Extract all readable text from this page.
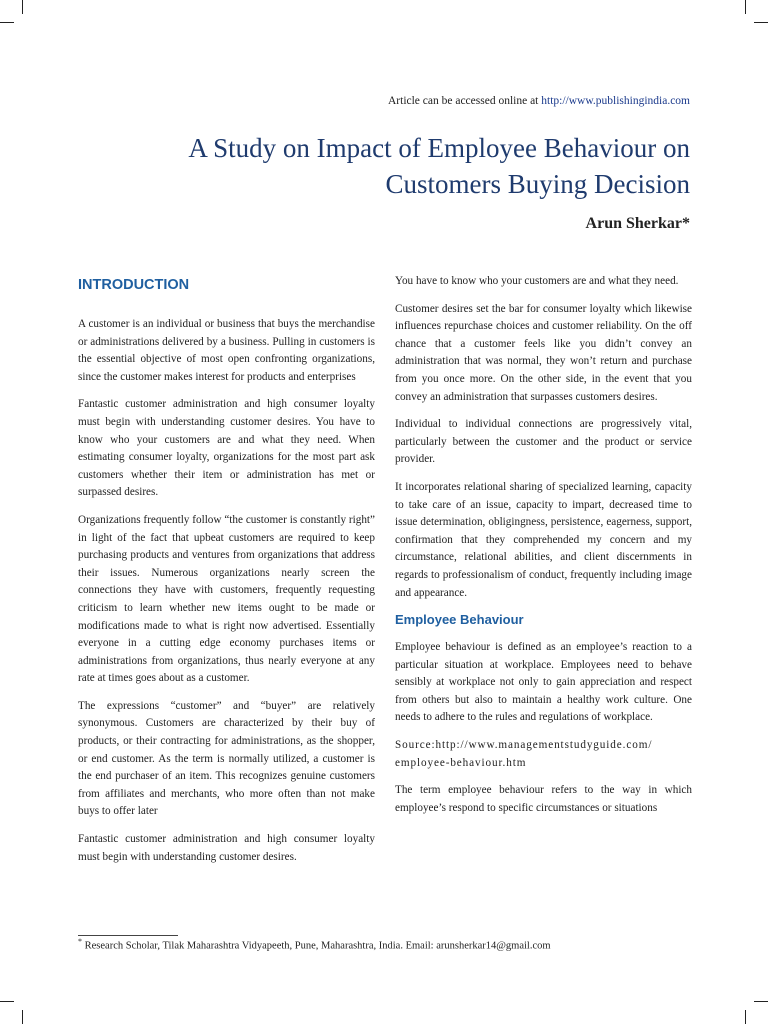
Article can be accessed online at http://www.publishingindia.com
A Study on Impact of Employee Behaviour on Customers Buying Decision
Arun Sherkar*
INTRODUCTION

A customer is an individual or business that buys the merchandise or administrations delivered by a business. Pulling in customers is the essential objective of most open confronting organizations, since the customer makes interest for products and enterprises

Fantastic customer administration and high consumer loyalty must begin with understanding customer desires. You have to know who your customers are and what they need. When estimating consumer loyalty, organizations for the most part ask customers whether their item or administration has met or surpassed desires.

Organizations frequently follow “the customer is constantly right” in light of the fact that upbeat customers are required to keep purchasing products and ventures from organizations that address their issues. Numerous organizations nearly screen the connections they have with customers, frequently requesting criticism to learn whether new items ought to be made or modifications made to what is right now advertised. Essentially everyone in a cutting edge economy purchases items or administrations from organizations, thus nearly everyone at any rate at times goes about as a customer.

The expressions “customer” and “buyer” are relatively synonymous. Customers are characterized by their buy of products, or their contracting for administrations, as the shopper, or end customer. As the term is normally utilized, a customer is the end purchaser of an item. This recognizes genuine customers from affiliates and merchants, who more often than not make buys to offer later

Fantastic customer administration and high consumer loyalty must begin with understanding customer desires.

You have to know who your customers are and what they need.

Customer desires set the bar for consumer loyalty which likewise influences repurchase choices and customer reliability. On the off chance that a customer feels like you didn’t convey an administration that was normal, they won’t return and purchase from you once more. On the other side, in the event that you convey an administration that surpasses customers desires.

Individual to individual connections are progressively vital, particularly between the customer and the product or service provider.

It incorporates relational sharing of specialized learning, capacity to take care of an issue, capacity to impart, decreased time to issue determination, obligingness, persistence, eagerness, support, confirmation that they comprehended my concern and my circumstance, relational abilities, and client discernments in regards to professionalism of conduct, frequently including image and appearance.

Employee Behaviour

Employee behaviour is defined as an employee’s reaction to a particular situation at workplace. Employees need to behave sensibly at workplace not only to gain appreciation and respect from others but also to maintain a healthy work culture. One needs to adhere to the rules and regulations of workplace.

Source:http://www.managementstudyguide.com/ employee-behaviour.htm

The term employee behaviour refers to the way in which employee’s respond to specific circumstances or situations

* Research Scholar, Tilak Maharashtra Vidyapeeth, Pune, Maharashtra, India. Email: arunsherkar14@gmail.com
